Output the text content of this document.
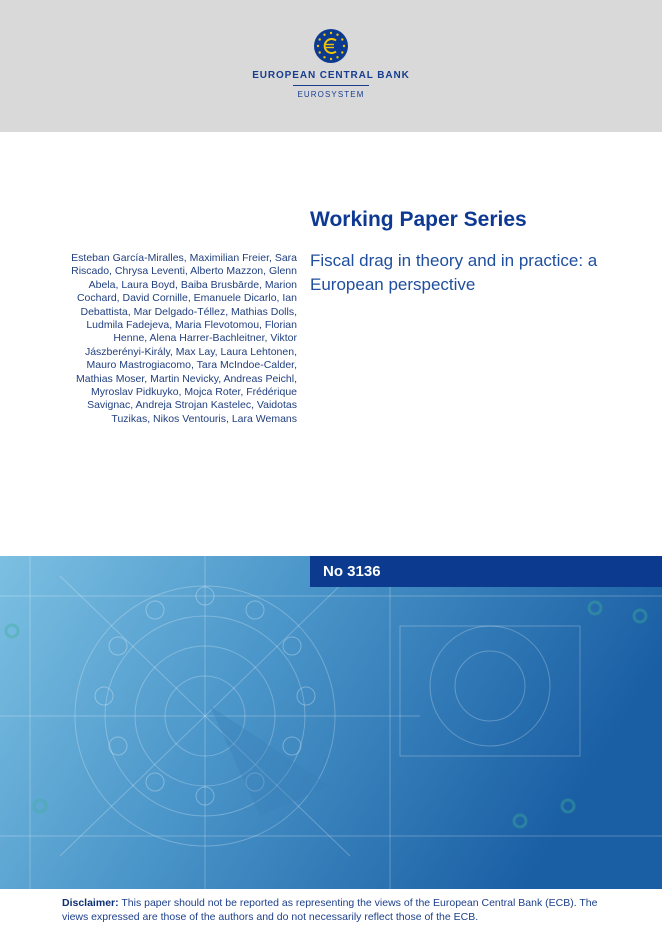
EUROPEAN CENTRAL BANK
EUROSYSTEM
Working Paper Series
Fiscal drag in theory and in practice: a European perspective
Esteban García-Miralles, Maximilian Freier, Sara Riscado, Chrysa Leventi, Alberto Mazzon, Glenn Abela, Laura Boyd, Baiba Brusbārde, Marion Cochard, David Cornille, Emanuele Dicarlo, Ian Debattista, Mar Delgado-Téllez, Mathias Dolls, Ludmila Fadejeva, Maria Flevotomou, Florian Henne, Alena Harrer-Bachleitner, Viktor Jászberényi-Király, Max Lay, Laura Lehtonen, Mauro Mastrogiacomo, Tara McIndoe-Calder, Mathias Moser, Martin Nevicky, Andreas Peichl, Myroslav Pidkuyko, Mojca Roter, Frédérique Savignac, Andreja Strojan Kastelec, Vaidotas Tuzikas, Nikos Ventouris, Lara Wemans
No 3136
Disclaimer: This paper should not be reported as representing the views of the European Central Bank (ECB). The views expressed are those of the authors and do not necessarily reflect those of the ECB.
